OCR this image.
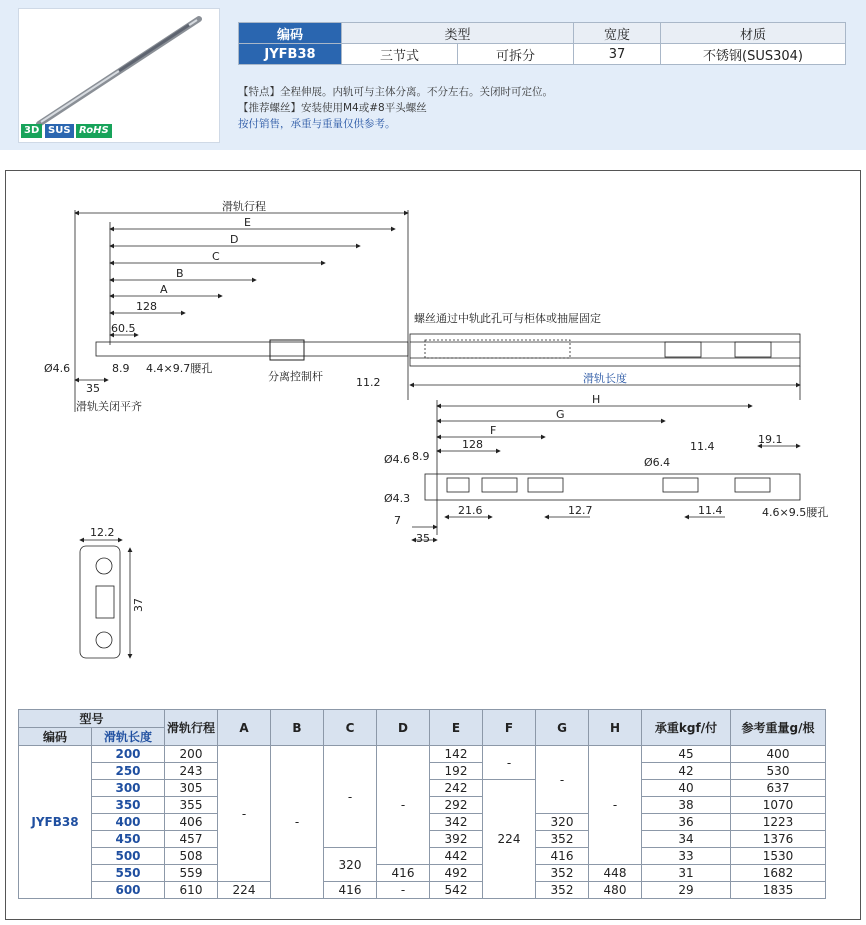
3D SUS RoHS
编码	类型		宽度	材质
JYFB38	三节式	可拆分	37	不锈钢(SUS304)
【特点】全程伸展。内轨可与主体分离。不分左右。关闭时可定位。
【推荐螺丝】安装使用M4或#8平头螺丝
按付销售，承重与重量仅供参考。
滑轨行程
E
D
C
B
A
128
60.5
Ø4.6	8.9 4.4×9.7腰孔
35
滑轨关闭平齐
分离控制杆	11.2
螺丝通过中轨此孔可与柜体或抽屉固定
滑轨长度
H
G
F
128	11.4
19.1
Ø4.6 8.9	Ø6.4
Ø4.3
7
21.6	12.7	11.4
35
4.6×9.5腰孔
12.2
37
型号		滑轨行程	A	B	C	D	E	F	G	H	承重kgf/付	参考重量g/根
编码	滑轨长度											
JYFB38	200	200	-	-	-	-	142	-	-	-	45	400
	250	243					192				42	530
	300	305					242	224			40	637
	350	355					292				38	1070
	400	406					342		320		36	1223
	450	457					392		352		34	1376
	500	508			320		442		416		33	1530
	550	559				416	492		352	448	31	1682
	600	610	224		416	-	542		352	480	29	1835
